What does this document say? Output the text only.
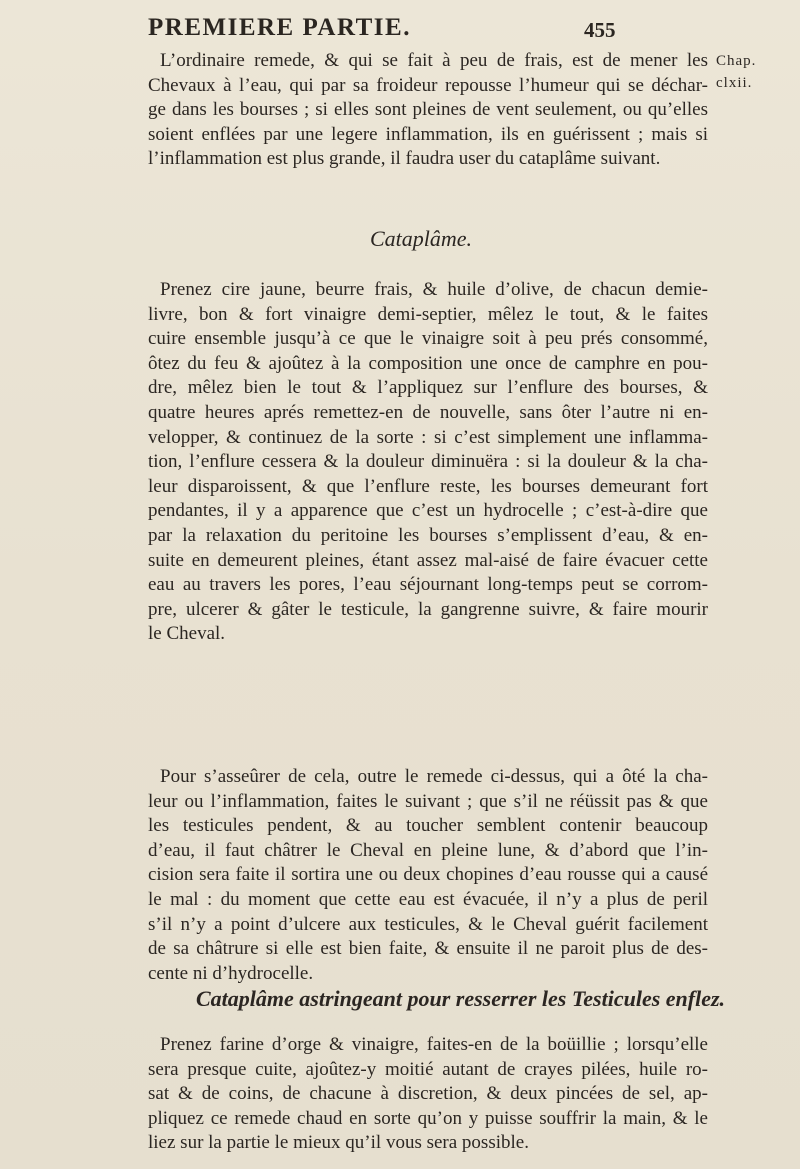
PREMIERE PARTIE.	455
Chap.
clxii.
L’ordinaire remede, & qui se fait à peu de frais, est de mener les
Chevaux à l’eau, qui par sa froideur repousse l’humeur qui se déchar-
ge dans les bourses ; si elles sont pleines de vent seulement, ou qu’elles
soient enflées par une legere inflammation, ils en guérissent ; mais si
l’inflammation est plus grande, il faudra user du cataplâme suivant.
Cataplâme.
Prenez cire jaune, beurre frais, & huile d’olive, de chacun demie-
livre, bon & fort vinaigre demi-septier, mêlez le tout, & le faites
cuire ensemble jusqu’à ce que le vinaigre soit à peu prés consommé,
ôtez du feu & ajoûtez à la composition une once de camphre en pou-
dre, mêlez bien le tout & l’appliquez sur l’enflure des bourses, &
quatre heures aprés remettez-en de nouvelle, sans ôter l’autre ni en-
velopper, & continuez de la sorte : si c’est simplement une inflamma-
tion, l’enflure cessera & la douleur diminuëra : si la douleur & la cha-
leur disparoissent, & que l’enflure reste, les bourses demeurant fort
pendantes, il y a apparence que c’est un hydrocelle ; c’est-à-dire que
par la relaxation du peritoine les bourses s’emplissent d’eau, & en-
suite en demeurent pleines, étant assez mal-aisé de faire évacuer cette
eau au travers les pores, l’eau séjournant long-temps peut se corrom-
pre, ulcerer & gâter le testicule, la gangrenne suivre, & faire mourir
le Cheval.
Pour s’asseûrer de cela, outre le remede ci-dessus, qui a ôté la cha-
leur ou l’inflammation, faites le suivant ; que s’il ne réüssit pas & que
les testicules pendent, & au toucher semblent contenir beaucoup
d’eau, il faut châtrer le Cheval en pleine lune, & d’abord que l’in-
cision sera faite il sortira une ou deux chopines d’eau rousse qui a causé
le mal : du moment que cette eau est évacuée, il n’y a plus de peril
s’il n’y a point d’ulcere aux testicules, & le Cheval guérit facilement
de sa châtrure si elle est bien faite, & ensuite il ne paroit plus de des-
cente ni d’hydrocelle.
Cataplâme astringeant pour resserrer les Testicules enflez.
Prenez farine d’orge & vinaigre, faites-en de la boüillie ; lorsqu’elle
sera presque cuite, ajoûtez-y moitié autant de crayes pilées, huile ro-
sat & de coins, de chacune à discretion, & deux pincées de sel, ap-
pliquez ce remede chaud en sorte qu’on y puisse souffrir la main, & le
liez sur la partie le mieux qu’il vous sera possible.
